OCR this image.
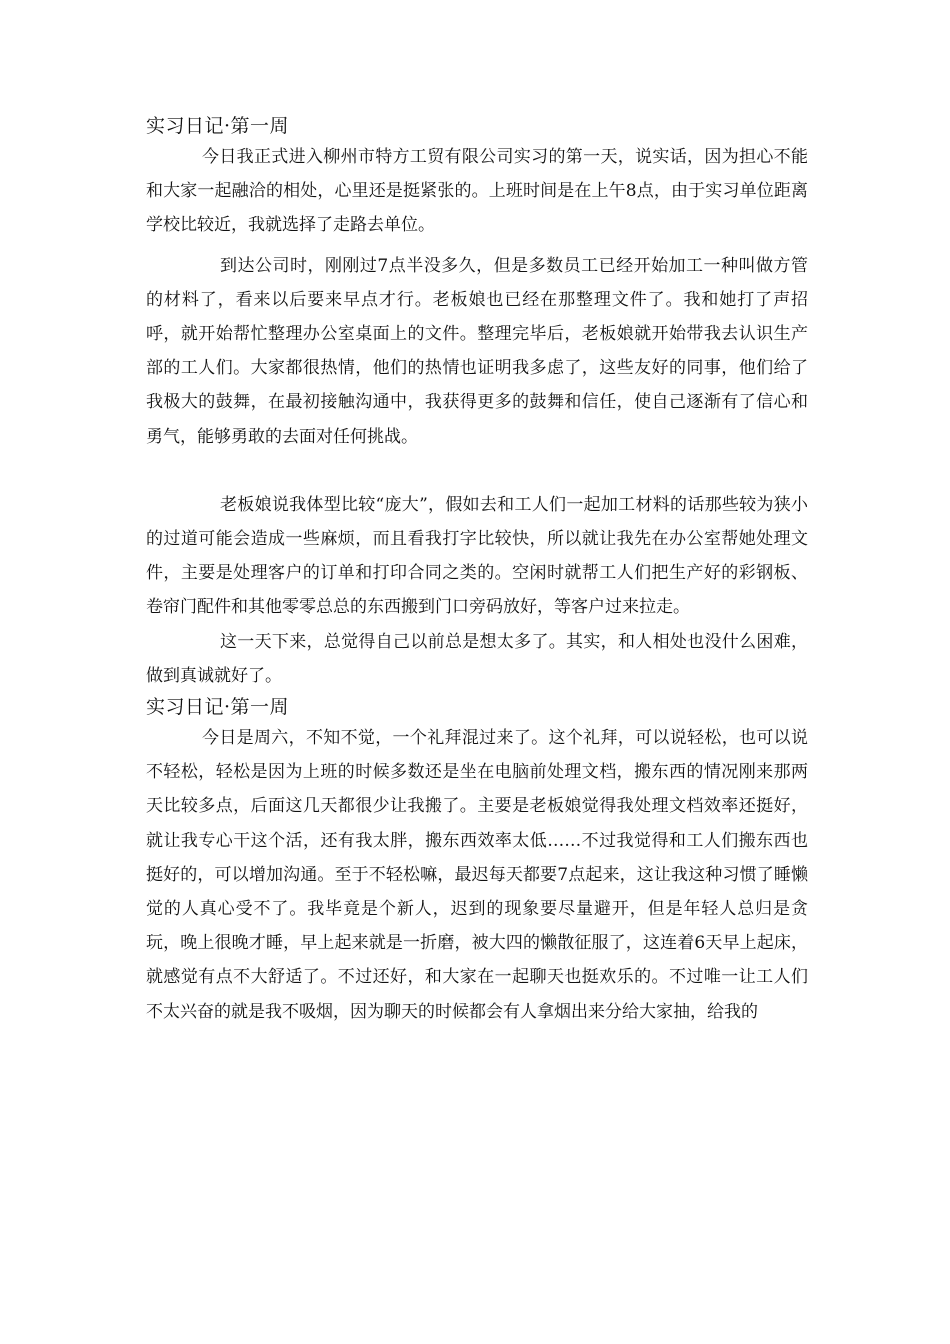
实习日记·第一周

今日我正式进入柳州市特方工贸有限公司实习的第一天，说实话，因为担心不能和大家一起融洽的相处，心里还是挺紧张的。上班时间是在上午8点，由于实习单位距离学校比较近，我就选择了走路去单位。

到达公司时，刚刚过7点半没多久，但是多数员工已经开始加工一种叫做方管的材料了，看来以后要来早点才行。老板娘也已经在那整理文件了。我和她打了声招呼，就开始帮忙整理办公室桌面上的文件。整理完毕后，老板娘就开始带我去认识生产部的工人们。大家都很热情，他们的热情也证明我多虑了，这些友好的同事，他们给了我极大的鼓舞，在最初接触沟通中，我获得更多的鼓舞和信任，使自己逐渐有了信心和勇气，能够勇敢的去面对任何挑战。

老板娘说我体型比较“庞大”，假如去和工人们一起加工材料的话那些较为狭小的过道可能会造成一些麻烦，而且看我打字比较快，所以就让我先在办公室帮她处理文件，主要是处理客户的订单和打印合同之类的。空闲时就帮工人们把生产好的彩钢板、卷帘门配件和其他零零总总的东西搬到门口旁码放好，等客户过来拉走。

这一天下来，总觉得自己以前总是想太多了。其实，和人相处也没什么困难，做到真诚就好了。

实习日记·第一周

今日是周六，不知不觉，一个礼拜混过来了。这个礼拜，可以说轻松，也可以说不轻松，轻松是因为上班的时候多数还是坐在电脑前处理文档，搬东西的情况刚来那两天比较多点，后面这几天都很少让我搬了。主要是老板娘觉得我处理文档效率还挺好，就让我专心干这个活，还有我太胖，搬东西效率太低……不过我觉得和工人们搬东西也挺好的，可以增加沟通。至于不轻松嘛，最迟每天都要7点起来，这让我这种习惯了睡懒觉的人真心受不了。我毕竟是个新人，迟到的现象要尽量避开，但是年轻人总归是贪玩，晚上很晚才睡，早上起来就是一折磨，被大四的懒散征服了，这连着6天早上起床，就感觉有点不大舒适了。不过还好，和大家在一起聊天也挺欢乐的。不过唯一让工人们不太兴奋的就是我不吸烟，因为聊天的时候都会有人拿烟出来分给大家抽，给我的
